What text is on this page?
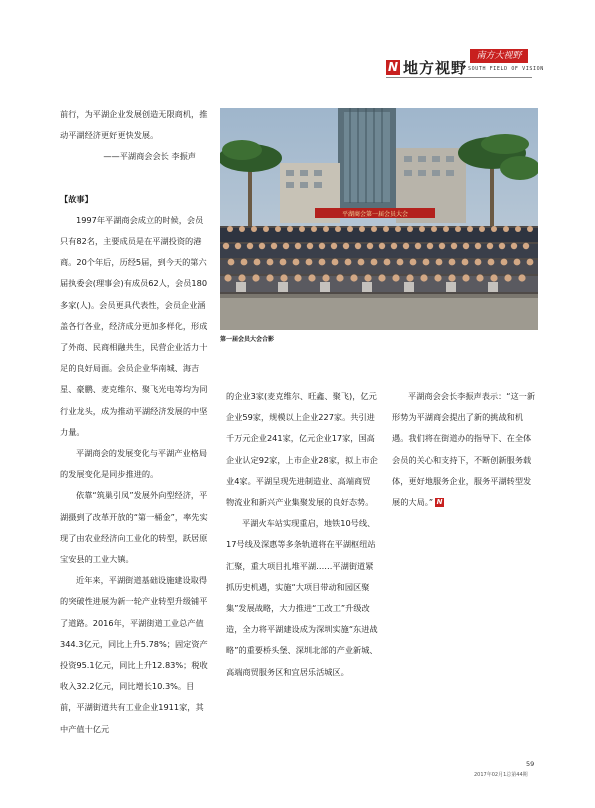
N 地方视野
南方大视野
SOUTH FIELD OF VISION

前行，为平湖企业发展创造无限商机，推动平湖经济更好更快发展。

——平湖商会会长 李振声

【故事】

1997年平湖商会成立的时候，会员只有82名，主要成员是在平湖投资的港商。20个年后，历经5届，到今天的第六届执委会(理事会)有成员62人，会员180多家(人)。会员更具代表性，会员企业涵盖各行各业，经济成分更加多样化，形成了外商、民商相融共生，民营企业活力十足的良好局面。会员企业华南城、海吉星、豪鹏、麦克维尔、聚飞光电等均为同行业龙头，成为推动平湖经济发展的中坚力量。

平湖商会的发展变化与平湖产业格局的发展变化是同步推进的。

依靠“筑巢引凤”发展外向型经济，平湖摄到了改革开放的“第一桶金”，率先实现了由农业经济向工业化的转型，跃居原宝安县的工业大镇。

近年来，平湖街道基础设施建设取得的突破性进展为新一轮产业转型升级铺平了道路。2016年，平湖街道工业总产值344.3亿元，同比上升5.78%；固定资产投资95.1亿元，同比上升12.83%；税收收入32.2亿元，同比增长10.3%。目前，平湖街道共有工业企业1911家，其中产值十亿元

平湖商会第一届会员大会
第一届会员大会合影

的企业3家(麦克维尔、旺鑫、聚飞)，亿元企业59家，规模以上企业227家。共引进千万元企业241家，亿元企业17家，国高企业认定92家，上市企业28家，拟上市企业4家。平湖呈现先进制造业、高端商贸物流业和新兴产业集聚发展的良好态势。

平湖火车站实现重启，地铁10号线、17号线及深惠等多条轨道将在平湖枢纽站汇聚，重大项目扎堆平湖……平湖街道紧抓历史机遇，实施“大项目带动和园区聚集”发展战略，大力推进“工改工”升级改造，全力将平湖建设成为深圳实施“东进战略”的重要桥头堡、深圳北部的产业新城、高端商贸服务区和宜居乐活城区。

平湖商会会长李振声表示：“这一新形势为平湖商会提出了新的挑战和机遇。我们将在街道办的指导下、在全体会员的关心和支持下，不断创新服务载体，更好地服务企业，服务平湖转型发展的大局。” N

59
2017年02月1总第44期
